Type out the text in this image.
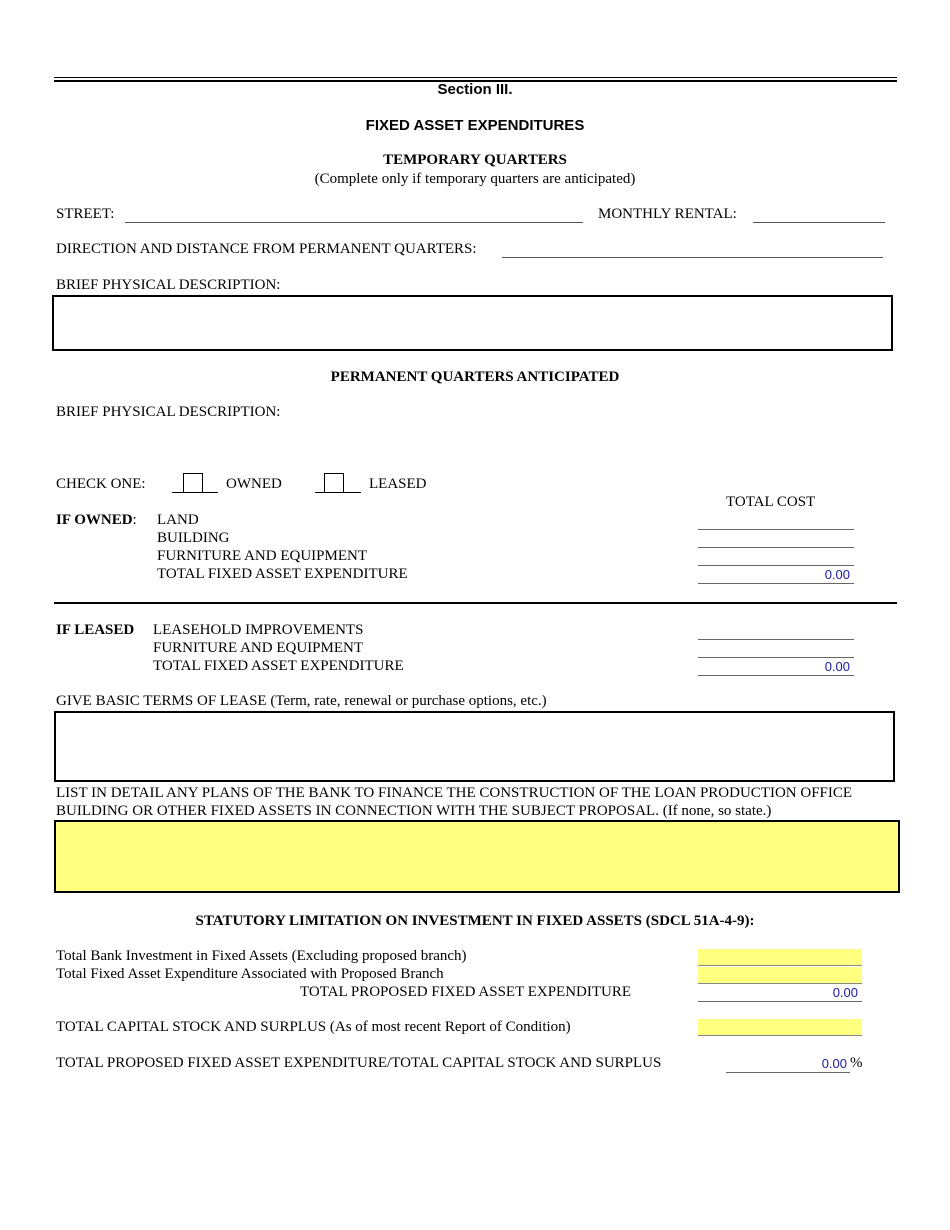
Section III.
FIXED ASSET EXPENDITURES
TEMPORARY QUARTERS
(Complete only if temporary quarters are anticipated)
STREET:	MONTHLY RENTAL:
DIRECTION AND DISTANCE FROM PERMANENT QUARTERS:
BRIEF PHYSICAL DESCRIPTION:
PERMANENT QUARTERS ANTICIPATED
BRIEF PHYSICAL DESCRIPTION:
CHECK ONE:	OWNED	LEASED
TOTAL COST
IF OWNED: LAND
BUILDING
FURNITURE AND EQUIPMENT
TOTAL FIXED ASSET EXPENDITURE	0.00
IF LEASED LEASEHOLD IMPROVEMENTS
FURNITURE AND EQUIPMENT
TOTAL FIXED ASSET EXPENDITURE	0.00
GIVE BASIC TERMS OF LEASE (Term, rate, renewal or purchase options, etc.)
LIST IN DETAIL ANY PLANS OF THE BANK TO FINANCE THE CONSTRUCTION OF THE LOAN PRODUCTION OFFICE
BUILDING OR OTHER FIXED ASSETS IN CONNECTION WITH THE SUBJECT PROPOSAL. (If none, so state.)
STATUTORY LIMITATION ON INVESTMENT IN FIXED ASSETS (SDCL 51A-4-9):
Total Bank Investment in Fixed Assets (Excluding proposed branch)
Total Fixed Asset Expenditure Associated with Proposed Branch
TOTAL PROPOSED FIXED ASSET EXPENDITURE	0.00
TOTAL CAPITAL STOCK AND SURPLUS (As of most recent Report of Condition)
TOTAL PROPOSED FIXED ASSET EXPENDITURE/TOTAL CAPITAL STOCK AND SURPLUS	0.00 %
